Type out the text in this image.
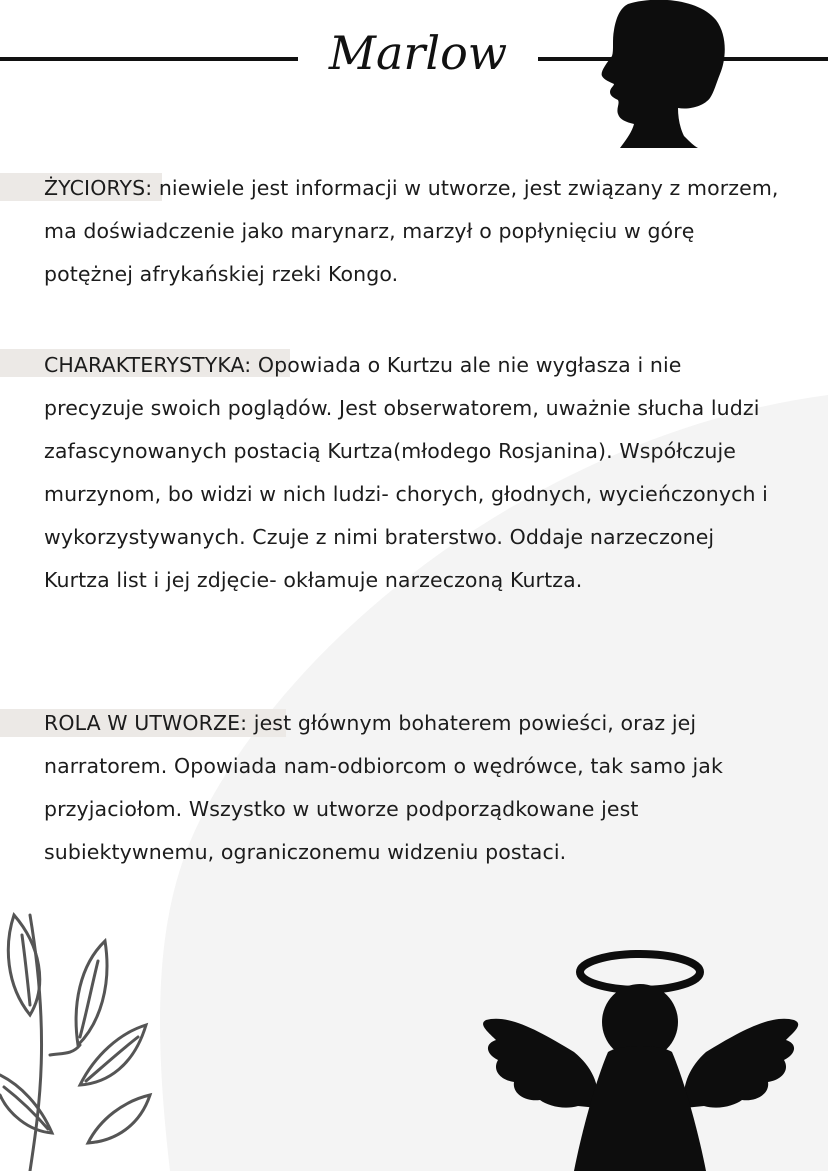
Marlow

ŻYCIORYS: niewiele jest informacji w utworze, jest związany z morzem, ma doświadczenie jako marynarz, marzył o popłynięciu w górę potężnej afrykańskiej rzeki Kongo.

CHARAKTERYSTYKA: Opowiada o Kurtzu ale nie wygłasza i nie precyzuje swoich poglądów. Jest obserwatorem, uważnie słucha ludzi zafascynowanych postacią Kurtza(młodego Rosjanina). Współczuje murzynom, bo widzi w nich ludzi- chorych, głodnych, wycieńczonych i wykorzystywanych. Czuje z nimi braterstwo. Oddaje narzeczonej Kurtza list i jej zdjęcie- okłamuje narzeczoną Kurtza.

ROLA W UTWORZE: jest głównym bohaterem powieści, oraz jej narratorem. Opowiada nam-odbiorcom o wędrówce, tak samo jak przyjaciołom. Wszystko w utworze podporządkowane jest subiektywnemu, ograniczonemu widzeniu postaci.
